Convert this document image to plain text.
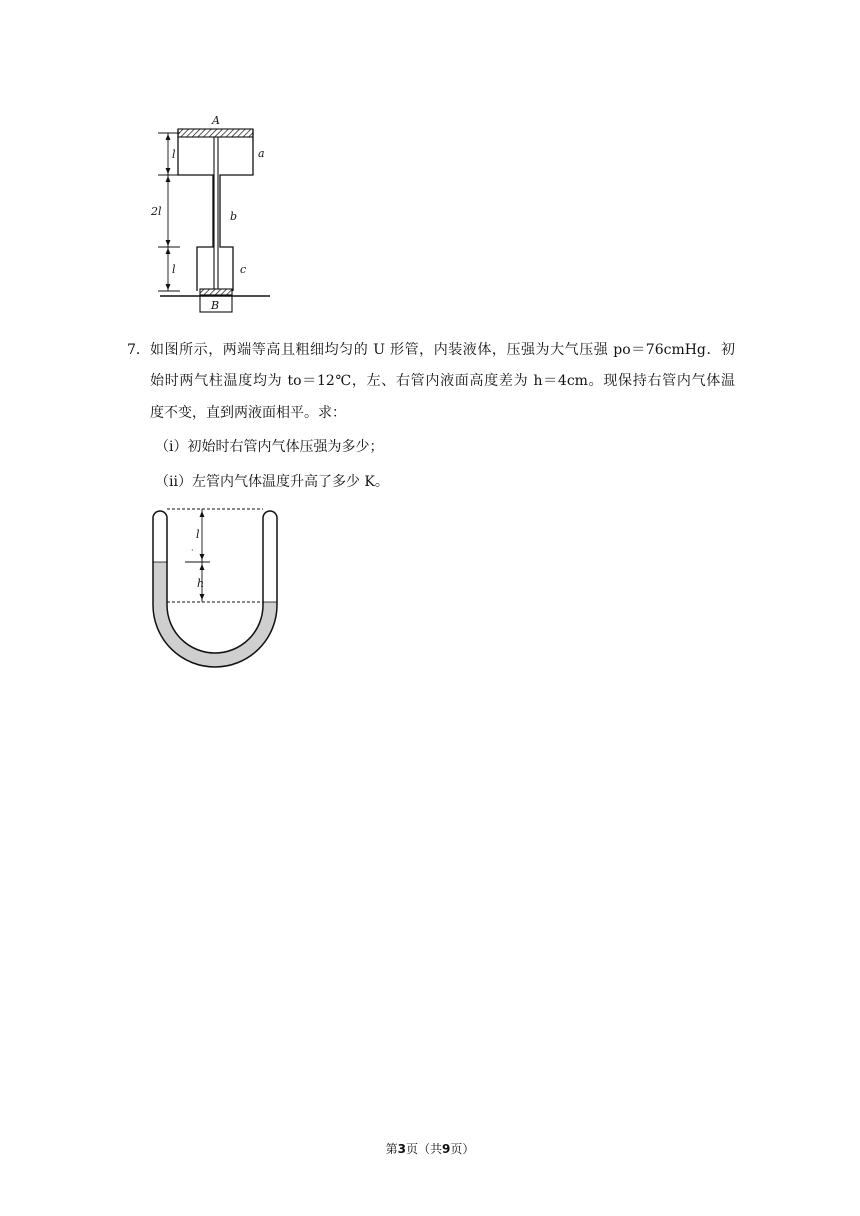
A
B
a
b
c
l
2l
l
7． 如图所示，两端等高且粗细均匀的 U 形管，内装液体，压强为大气压强 po＝76cmHg．初
始时两气柱温度均为 to＝12℃，左、右管内液面高度差为 h＝4cm。现保持右管内气体温
度不变，直到两液面相平。求：
（i）初始时右管内气体压强为多少；
（ii）左管内气体温度升高了多少 K。
l
·
h
第3页（共9页）
